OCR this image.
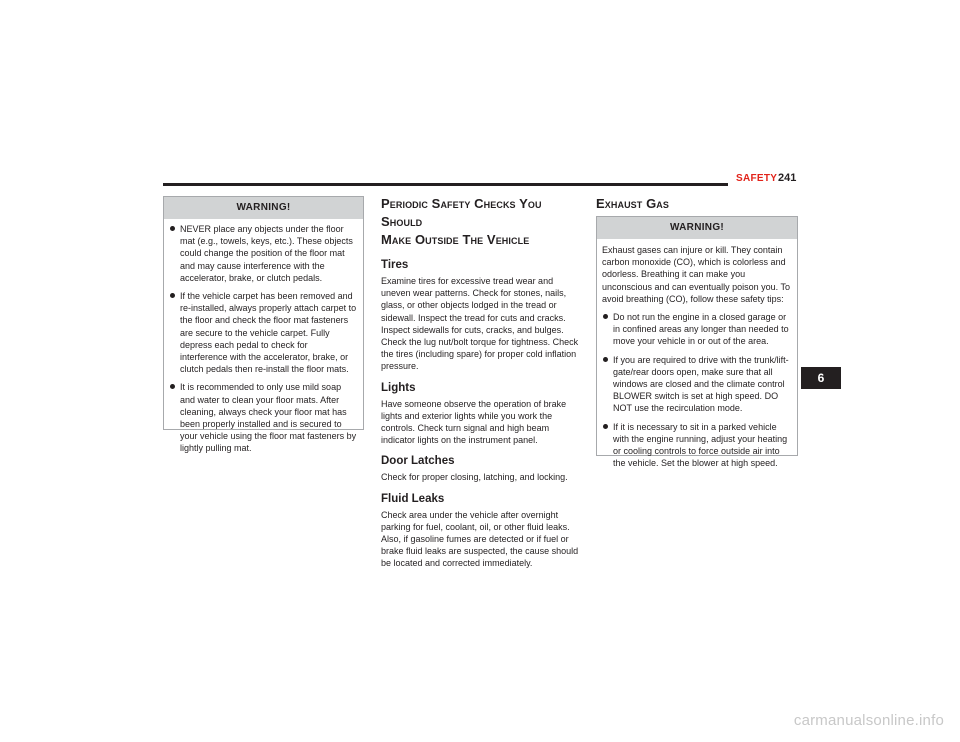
SAFETY 241
WARNING!
NEVER place any objects under the floor mat (e.g., towels, keys, etc.). These objects could change the position of the floor mat and may cause interference with the accelerator, brake, or clutch pedals.
If the vehicle carpet has been removed and re-installed, always properly attach carpet to the floor and check the floor mat fasteners are secure to the vehicle carpet. Fully depress each pedal to check for interference with the accelerator, brake, or clutch pedals then re-install the floor mats.
It is recommended to only use mild soap and water to clean your floor mats. After cleaning, always check your floor mat has been properly installed and is secured to your vehicle using the floor mat fasteners by lightly pulling mat.
Periodic Safety Checks You Should
Make Outside The Vehicle
Tires

Examine tires for excessive tread wear and uneven wear patterns. Check for stones, nails, glass, or other objects lodged in the tread or sidewall. Inspect the tread for cuts and cracks. Inspect sidewalls for cuts, cracks, and bulges. Check the lug nut/bolt torque for tightness. Check the tires (including spare) for proper cold inflation pressure.

Lights

Have someone observe the operation of brake lights and exterior lights while you work the controls. Check turn signal and high beam indicator lights on the instrument panel.

Door Latches

Check for proper closing, latching, and locking.

Fluid Leaks

Check area under the vehicle after overnight parking for fuel, coolant, oil, or other fluid leaks. Also, if gasoline fumes are detected or if fuel or brake fluid leaks are suspected, the cause should be located and corrected immediately.

Exhaust Gas
WARNING!

Exhaust gases can injure or kill. They contain carbon monoxide (CO), which is colorless and odorless. Breathing it can make you unconscious and can eventually poison you. To avoid breathing (CO), follow these safety tips:

Do not run the engine in a closed garage or in confined areas any longer than needed to move your vehicle in or out of the area.
If you are required to drive with the trunk/lift-gate/rear doors open, make sure that all windows are closed and the climate control BLOWER switch is set at high speed. DO NOT use the recirculation mode.
If it is necessary to sit in a parked vehicle with the engine running, adjust your heating or cooling controls to force outside air into the vehicle. Set the blower at high speed.
6
carmanualsonline.info
